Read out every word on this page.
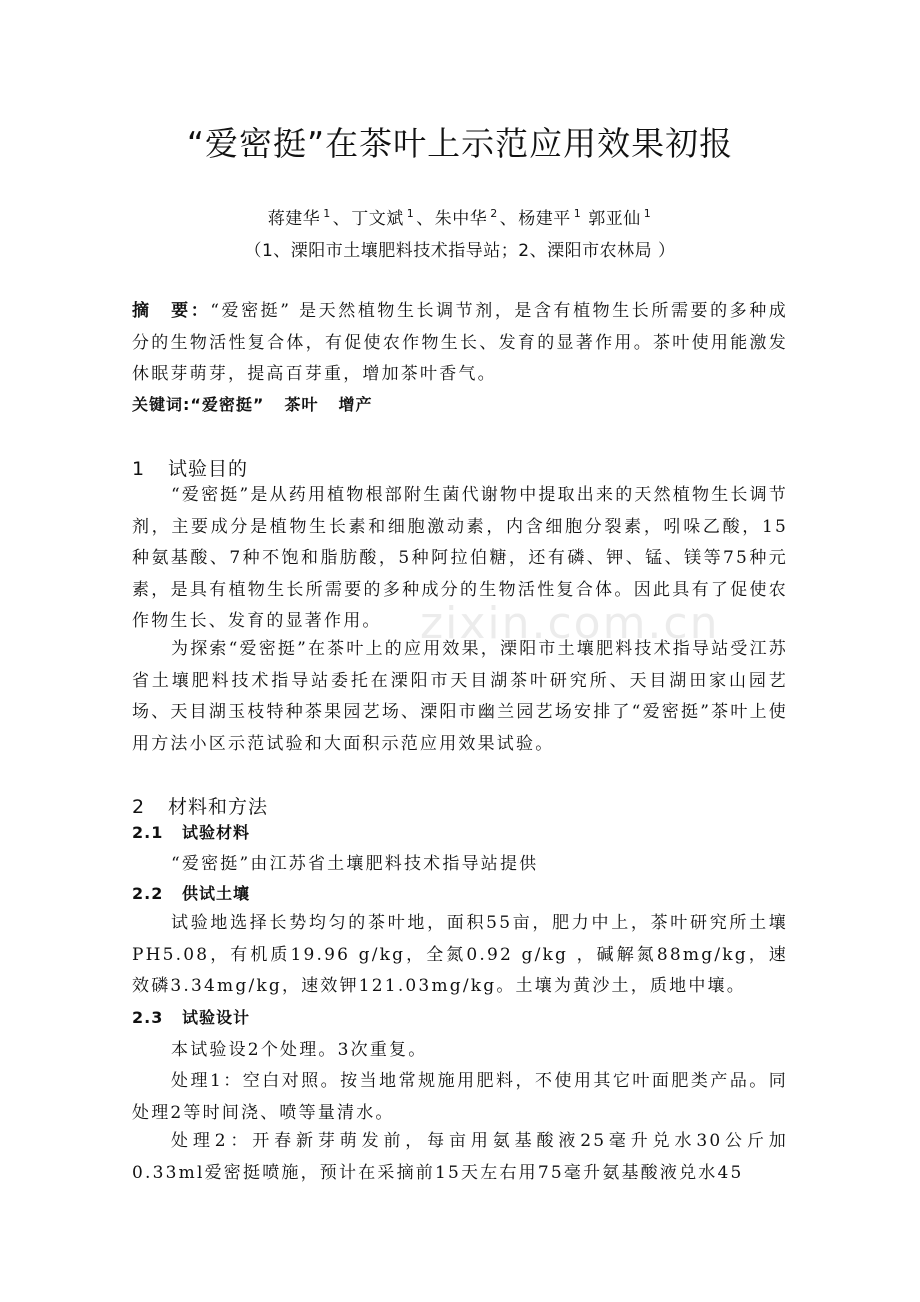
zixin.com.cn
“爱密挺”在茶叶上示范应用效果初报

蒋建华 $^1$ 、丁文斌 $^1$ 、朱中华 $^2$ 、杨建平 $^1$ 郭亚仙 $^1$

（1、溧阳市土壤肥料技术指导站；2、溧阳市农林局 ）

摘　要：“爱密挺” 是天然植物生长调节剂，是含有植物生长所需要的多种成分的生物活性复合体，有促使农作物生长、发育的显著作用。茶叶使用能激发休眠芽萌芽，提高百芽重，增加茶叶香气。

关键词:“爱密挺” 茶叶 增产

1 试验目的

“爱密挺”是从药用植物根部附生菌代谢物中提取出来的天然植物生长调节剂，主要成分是植物生长素和细胞激动素，内含细胞分裂素，吲哚乙酸，15种氨基酸、7种不饱和脂肪酸，5种阿拉伯糖，还有磷、钾、锰、镁等75种元素，是具有植物生长所需要的多种成分的生物活性复合体。因此具有了促使农作物生长、发育的显著作用。

为探索“爱密挺”在茶叶上的应用效果，溧阳市土壤肥料技术指导站受江苏省土壤肥料技术指导站委托在溧阳市天目湖茶叶研究所、天目湖田家山园艺场、天目湖玉枝特种茶果园艺场、溧阳市幽兰园艺场安排了“爱密挺”茶叶上使用方法小区示范试验和大面积示范应用效果试验。

2 材料和方法
2.1 试验材料

“爱密挺”由江苏省土壤肥料技术指导站提供

2.2 供试土壤

试验地选择长势均匀的茶叶地，面积55亩，肥力中上，茶叶研究所土壤PH5.08，有机质19.96 g/kg，全氮0.92 g/kg ，碱解氮88mg/kg，速效磷3.34mg/kg，速效钾121.03mg/kg。土壤为黄沙土，质地中壤。

2.3 试验设计

本试验设2个处理。3次重复。

处理1：空白对照。按当地常规施用肥料，不使用其它叶面肥类产品。同处理2等时间浇、喷等量清水。

处理2：开春新芽萌发前，每亩用氨基酸液25毫升兑水30公斤加0.33ml爱密挺喷施，预计在采摘前15天左右用75毫升氨基酸液兑水45
